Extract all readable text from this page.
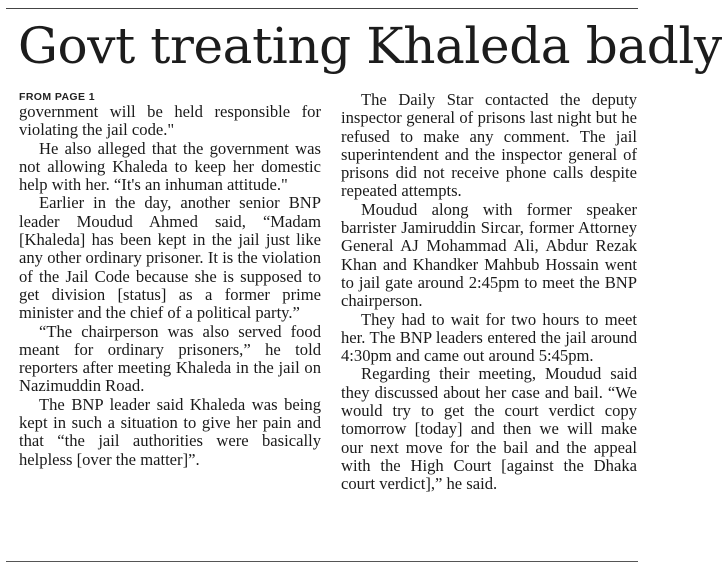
Govt treating Khaleda badly
FROM PAGE 1

government will be held responsible for violating the jail code."

He also alleged that the government was not allowing Khaleda to keep her domestic help with her. “It's an inhuman attitude."

Earlier in the day, another senior BNP leader Moudud Ahmed said, “Madam [Khaleda] has been kept in the jail just like any other ordinary prisoner. It is the violation of the Jail Code because she is supposed to get division [status] as a former prime minister and the chief of a political party.”

“The chairperson was also served food meant for ordinary prisoners,” he told reporters after meeting Khaleda in the jail on Nazimuddin Road.

The BNP leader said Khaleda was being kept in such a situation to give her pain and that “the jail authorities were basically helpless [over the matter]”.

The Daily Star contacted the deputy inspector general of prisons last night but he refused to make any comment. The jail superintendent and the inspector general of prisons did not receive phone calls despite repeated attempts.

Moudud along with former speaker barrister Jamiruddin Sircar, former Attorney General AJ Mohammad Ali, Abdur Rezak Khan and Khandker Mahbub Hossain went to jail gate around 2:45pm to meet the BNP chairperson.

They had to wait for two hours to meet her. The BNP leaders entered the jail around 4:30pm and came out around 5:45pm.

Regarding their meeting, Moudud said they discussed about her case and bail. “We would try to get the court verdict copy tomorrow [today] and then we will make our next move for the bail and the appeal with the High Court [against the Dhaka court verdict],” he said.
